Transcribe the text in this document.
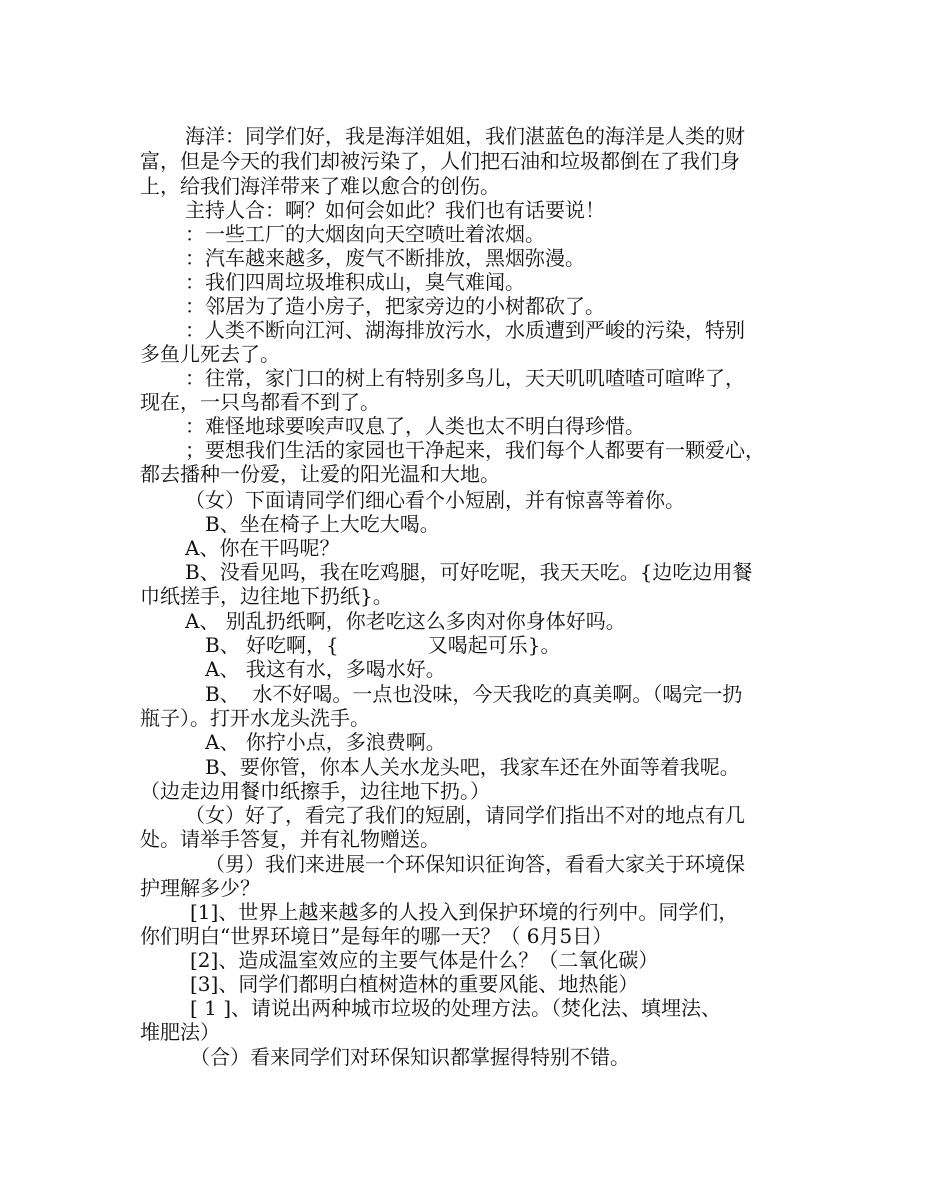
海洋：同学们好，我是海洋姐姐，我们湛蓝色的海洋是人类的财

富，但是今天的我们却被污染了，人们把石油和垃圾都倒在了我们身

上，给我们海洋带来了难以愈合的创伤。

主持人合：啊？如何会如此？我们也有话要说！

：一些工厂的大烟囱向天空喷吐着浓烟。

：汽车越来越多，废气不断排放，黑烟弥漫。

：我们四周垃圾堆积成山，臭气难闻。

：邻居为了造小房子，把家旁边的小树都砍了。

：人类不断向江河、湖海排放污水，水质遭到严峻的污染，特别

多鱼儿死去了。

：往常，家门口的树上有特别多鸟儿，天天叽叽喳喳可喧哗了，

现在，一只鸟都看不到了。

：难怪地球要唉声叹息了，人类也太不明白得珍惜。

；要想我们生活的家园也干净起来，我们每个人都要有一颗爱心，

都去播种一份爱，让爱的阳光温和大地。

（女）下面请同学们细心看个小短剧，并有惊喜等着你。

B、坐在椅子上大吃大喝。

A、你在干吗呢？

B、没看见吗，我在吃鸡腿，可好吃呢，我天天吃。{边吃边用餐

巾纸搓手，边往地下扔纸}。

A、 别乱扔纸啊，你老吃这么多肉对你身体好吗。

B、 好吃啊，{              又喝起可乐}。

A、 我这有水，多喝水好。

B、  水不好喝。一点也没味，今天我吃的真美啊。（喝完一扔

瓶子）。打开水龙头洗手。

A、 你拧小点，多浪费啊。

B、要你管，你本人关水龙头吧，我家车还在外面等着我呢。

（边走边用餐巾纸擦手，边往地下扔。）

（女）好了，看完了我们的短剧，请同学们指出不对的地点有几

处。请举手答复，并有礼物赠送。

（男）我们来进展一个环保知识征询答，看看大家关于环境保

护理解多少？

[1]、世界上越来越多的人投入到保护环境的行列中。同学们，

你们明白“世界环境日”是每年的哪一天？（ 6月5日）

[2]、造成温室效应的主要气体是什么？（二氧化碳）

[3]、同学们都明白植树造林的重要风能、地热能）

[ 1 ]、请说出两种城市垃圾的处理方法。（焚化法、填埋法、

堆肥法）

（合）看来同学们对环保知识都掌握得特别不错。
